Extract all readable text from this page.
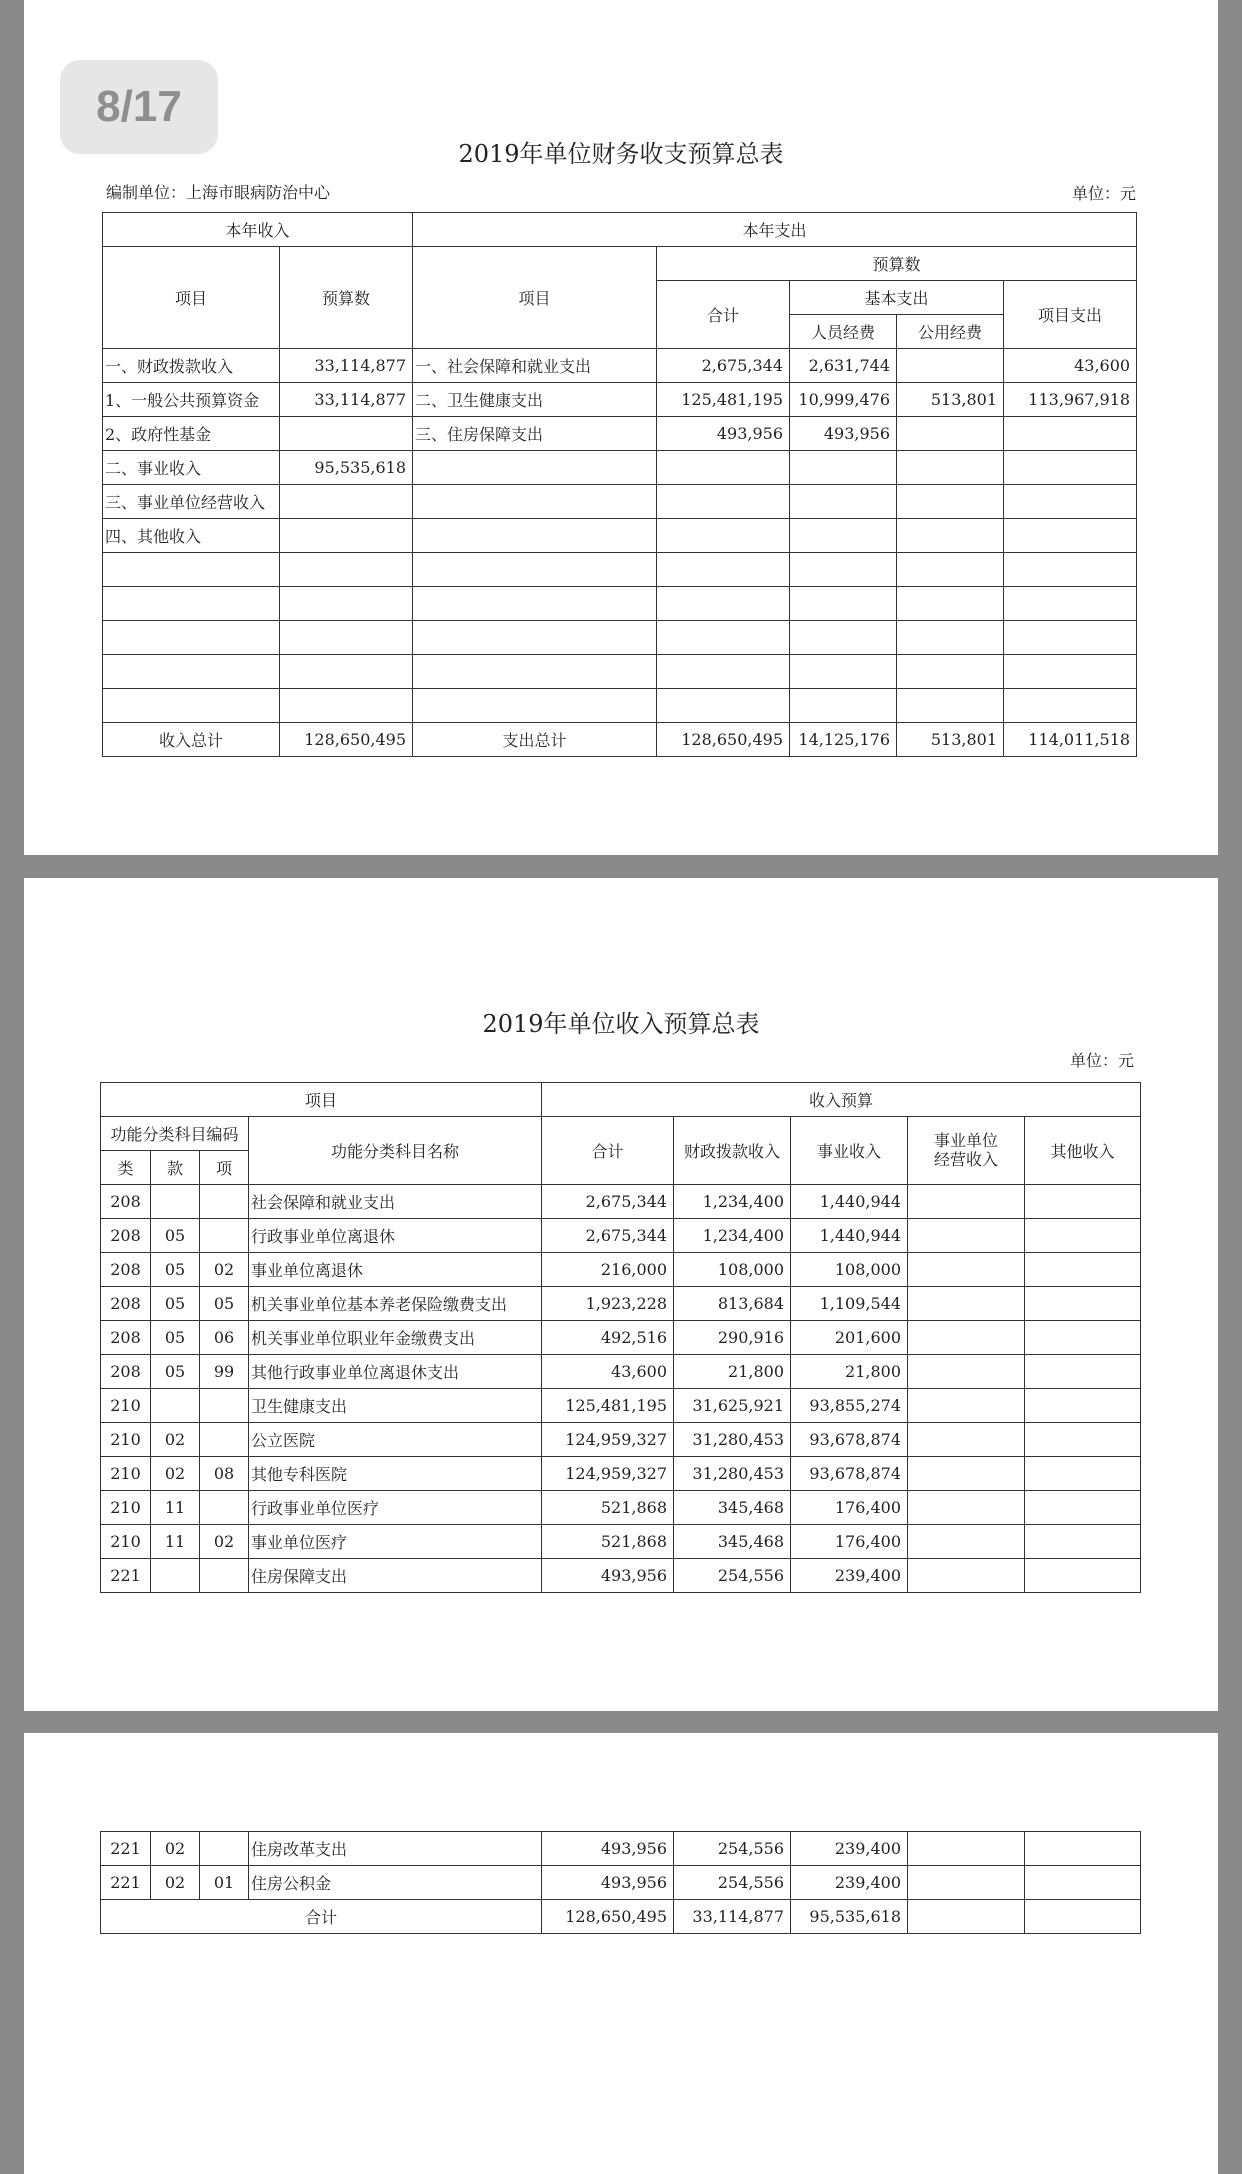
8/17
2019年单位财务收支预算总表
编制单位：上海市眼病防治中心	单位：元
本年收入		本年支出				
项目	预算数	项目	预算数			
			合计	基本支出		项目支出
				人员经费	公用经费	
一、财政拨款收入	33,114,877	一、社会保障和就业支出	2,675,344	2,631,744		43,600
1、一般公共预算资金	33,114,877	二、卫生健康支出	125,481,195	10,999,476	513,801	113,967,918
2、政府性基金		三、住房保障支出	493,956	493,956		
二、事业收入	95,535,618					
三、事业单位经营收入						
四、其他收入						

收入总计	128,650,495	支出总计	128,650,495	14,125,176	513,801	114,011,518
2019年单位收入预算总表
单位：元
项目				收入预算				
功能分类科目编码			功能分类科目名称	合计	财政拨款收入	事业收入	事业单位经营收入	其他收入
类	款	项						
208			社会保障和就业支出	2,675,344	1,234,400	1,440,944		
208	05		行政事业单位离退休	2,675,344	1,234,400	1,440,944		
208	05	02	事业单位离退休	216,000	108,000	108,000		
208	05	05	机关事业单位基本养老保险缴费支出	1,923,228	813,684	1,109,544		
208	05	06	机关事业单位职业年金缴费支出	492,516	290,916	201,600		
208	05	99	其他行政事业单位离退休支出	43,600	21,800	21,800		
210			卫生健康支出	125,481,195	31,625,921	93,855,274		
210	02		公立医院	124,959,327	31,280,453	93,678,874		
210	02	08	其他专科医院	124,959,327	31,280,453	93,678,874		
210	11		行政事业单位医疗	521,868	345,468	176,400		
210	11	02	事业单位医疗	521,868	345,468	176,400		
221			住房保障支出	493,956	254,556	239,400		
221	02		住房改革支出	493,956	254,556	239,400		
221	02	01	住房公积金	493,956	254,556	239,400		
合计				128,650,495	33,114,877	95,535,618		
